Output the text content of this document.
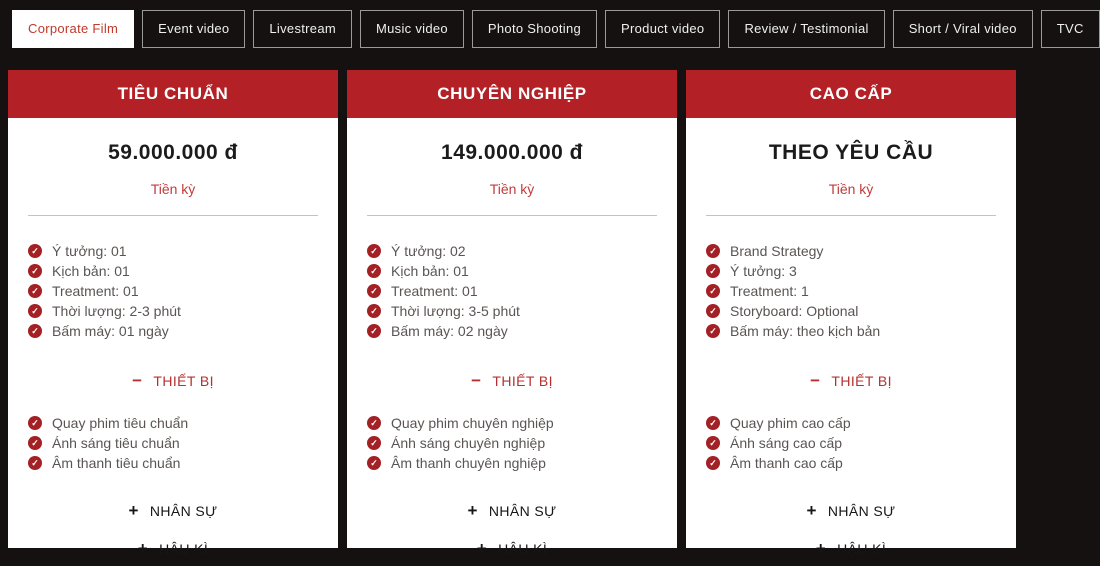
Corporate Film	Event video	Livestream	Music video	Photo Shooting	Product video	Review / Testimonial	Short / Viral video	TVC
TIÊU CHUẨN
59.000.000 đ
Tiền kỳ
✓ Ý tưởng: 01
✓ Kịch bản: 01
✓ Treatment: 01
✓ Thời lượng: 2-3 phút
✓ Bấm máy: 01 ngày
− THIẾT BỊ
✓ Quay phim tiêu chuẩn
✓ Ánh sáng tiêu chuẩn
✓ Âm thanh tiêu chuẩn
+ NHÂN SỰ
+ HẬU KÌ
CHUYÊN NGHIỆP
149.000.000 đ
Tiền kỳ
✓ Ý tưởng: 02
✓ Kịch bản: 01
✓ Treatment: 01
✓ Thời lượng: 3-5 phút
✓ Bấm máy: 02 ngày
− THIẾT BỊ
✓ Quay phim chuyên nghiệp
✓ Ánh sáng chuyên nghiệp
✓ Âm thanh chuyên nghiệp
+ NHÂN SỰ
+ HẬU KÌ
CAO CẤP
THEO YÊU CẦU
Tiền kỳ
✓ Brand Strategy
✓ Ý tưởng: 3
✓ Treatment: 1
✓ Storyboard: Optional
✓ Bấm máy: theo kịch bản
− THIẾT BỊ
✓ Quay phim cao cấp
✓ Ánh sáng cao cấp
✓ Âm thanh cao cấp
+ NHÂN SỰ
+ HẬU KÌ
